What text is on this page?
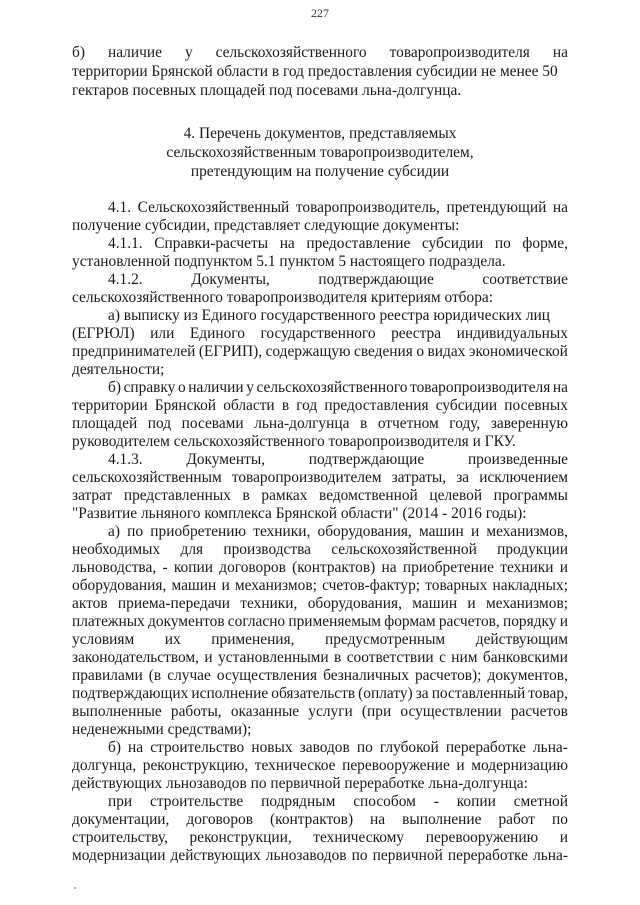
227
б) наличие у сельскохозяйственного товаропроизводителя на
территории Брянской области в год предоставления субсидии не менее 50
гектаров посевных площадей под посевами льна-долгунца.
4. Перечень документов, представляемых
сельскохозяйственным товаропроизводителем,
претендующим на получение субсидии
4.1. Сельскохозяйственный товаропроизводитель, претендующий на
получение субсидии, представляет следующие документы:
4.1.1. Справки-расчеты на предоставление субсидии по форме,
установленной подпунктом 5.1 пунктом 5 настоящего подраздела.
4.1.2.	Документы,	подтверждающие	соответствие
сельскохозяйственного товаропроизводителя критериям отбора:
а) выписку из Единого государственного реестра юридических лиц
(ЕГРЮЛ) или Единого государственного реестра индивидуальных
предпринимателей (ЕГРИП), содержащую сведения о видах экономической
деятельности;
б) справку о наличии у сельскохозяйственного товаропроизводителя на
территории Брянской области в год предоставления субсидии посевных
площадей под посевами льна-долгунца в отчетном году, заверенную
руководителем сельскохозяйственного товаропроизводителя и ГКУ.
4.1.3.	Документы,	подтверждающие	произведенные
сельскохозяйственным товаропроизводителем затраты, за исключением
затрат представленных в рамках ведомственной целевой программы
"Развитие льняного комплекса Брянской области" (2014 - 2016 годы):
а) по приобретению техники, оборудования, машин и механизмов,
необходимых для производства сельскохозяйственной продукции
льноводства, - копии договоров (контрактов) на приобретение техники и
оборудования, машин и механизмов; счетов-фактур; товарных накладных;
актов приема-передачи техники, оборудования, машин и механизмов;
платежных документов согласно применяемым формам расчетов, порядку и
условиям их применения, предусмотренным действующим
законодательством, и установленными в соответствии с ним банковскими
правилами (в случае осуществления безналичных расчетов); документов,
подтверждающих исполнение обязательств (оплату) за поставленный товар,
выполненные работы, оказанные услуги (при осуществлении расчетов
неденежными средствами);
б) на строительство новых заводов по глубокой переработке льна-
долгунца, реконструкцию, техническое перевооружение и модернизацию
действующих льнозаводов по первичной переработке льна-долгунца:
при строительстве подрядным способом - копии сметной
документации, договоров (контрактов) на выполнение работ по
строительству, реконструкции, техническому перевооружению и
модернизации действующих льнозаводов по первичной переработке льна-
